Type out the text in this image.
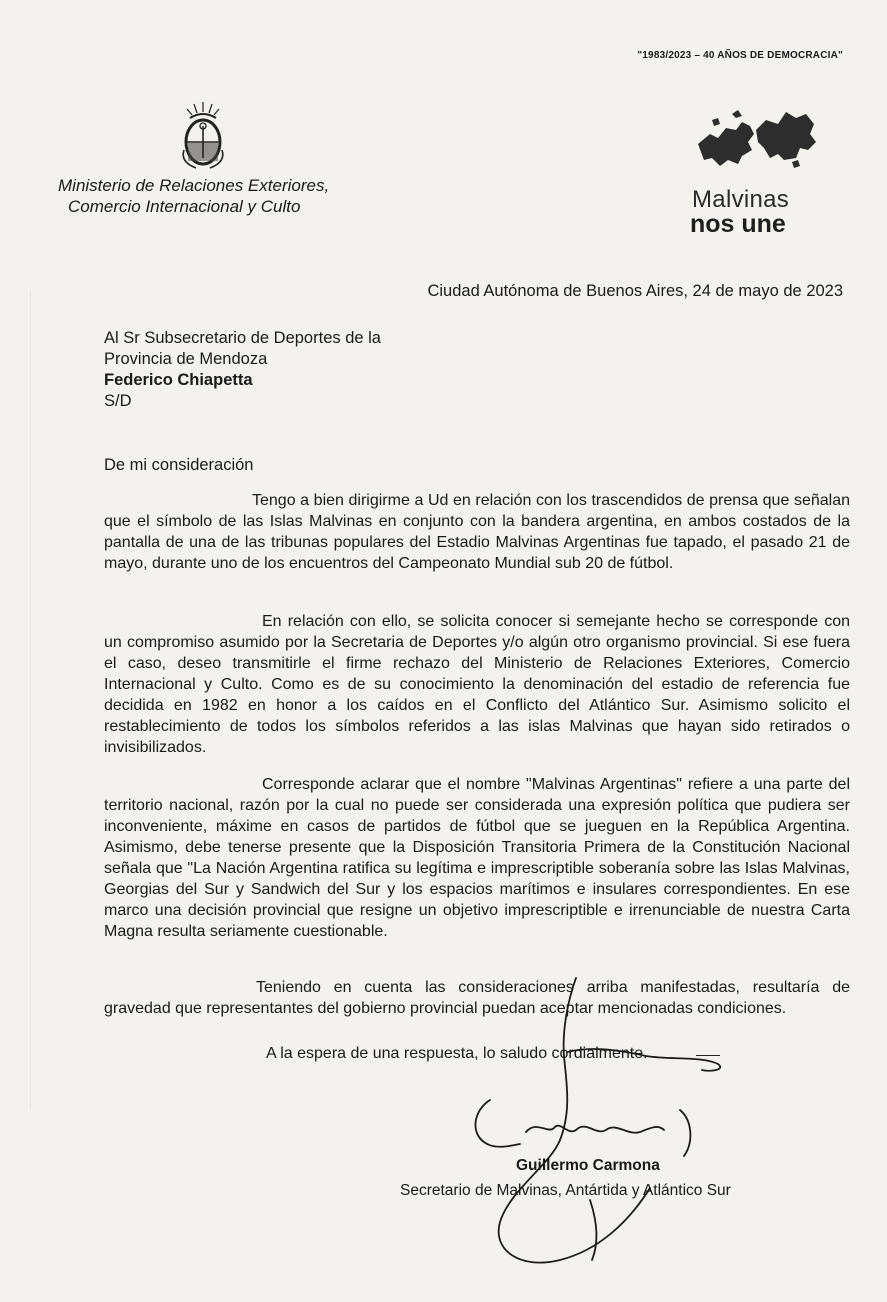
"1983/2023 – 40 AÑOS DE DEMOCRACIA"
Ministerio de Relaciones Exteriores,
Comercio Internacional y Culto	Malvinas
nos une
Ciudad Autónoma de Buenos Aires, 24 de mayo de 2023
Al Sr Subsecretario de Deportes de la
Provincia de Mendoza
Federico Chiapetta
S/D
De mi consideración

Tengo a bien dirigirme a Ud en relación con los trascendidos de prensa que señalan que el símbolo de las Islas Malvinas en conjunto con la bandera argentina, en ambos costados de la pantalla de una de las tribunas populares del Estadio Malvinas Argentinas fue tapado, el pasado 21 de mayo, durante uno de los encuentros del Campeonato Mundial sub 20 de fútbol.

En relación con ello, se solicita conocer si semejante hecho se corresponde con un compromiso asumido por la Secretaria de Deportes y/o algún otro organismo provincial. Si ese fuera el caso, deseo transmitirle el firme rechazo del Ministerio de Relaciones Exteriores, Comercio Internacional y Culto. Como es de su conocimiento la denominación del estadio de referencia fue decidida en 1982 en honor a los caídos en el Conflicto del Atlántico Sur. Asimismo solicito el restablecimiento de todos los símbolos referidos a las islas Malvinas que hayan sido retirados o invisibilizados.

Corresponde aclarar que el nombre "Malvinas Argentinas" refiere a una parte del territorio nacional, razón por la cual no puede ser considerada una expresión política que pudiera ser inconveniente, máxime en casos de partidos de fútbol que se jueguen en la República Argentina. Asimismo, debe tenerse presente que la Disposición Transitoria Primera de la Constitución Nacional señala que "La Nación Argentina ratifica su legítima e imprescriptible soberanía sobre las Islas Malvinas, Georgias del Sur y Sandwich del Sur y los espacios marítimos e insulares correspondientes. En ese marco una decisión provincial que resigne un objetivo imprescriptible e irrenunciable de nuestra Carta Magna resulta seriamente cuestionable.

Teniendo en cuenta las consideraciones arriba manifestadas, resultaría de gravedad que representantes del gobierno provincial puedan aceptar mencionadas condiciones.

A la espera de una respuesta, lo saludo cordialmente.
Guillermo Carmona
Secretario de Malvinas, Antártida y Atlántico Sur
